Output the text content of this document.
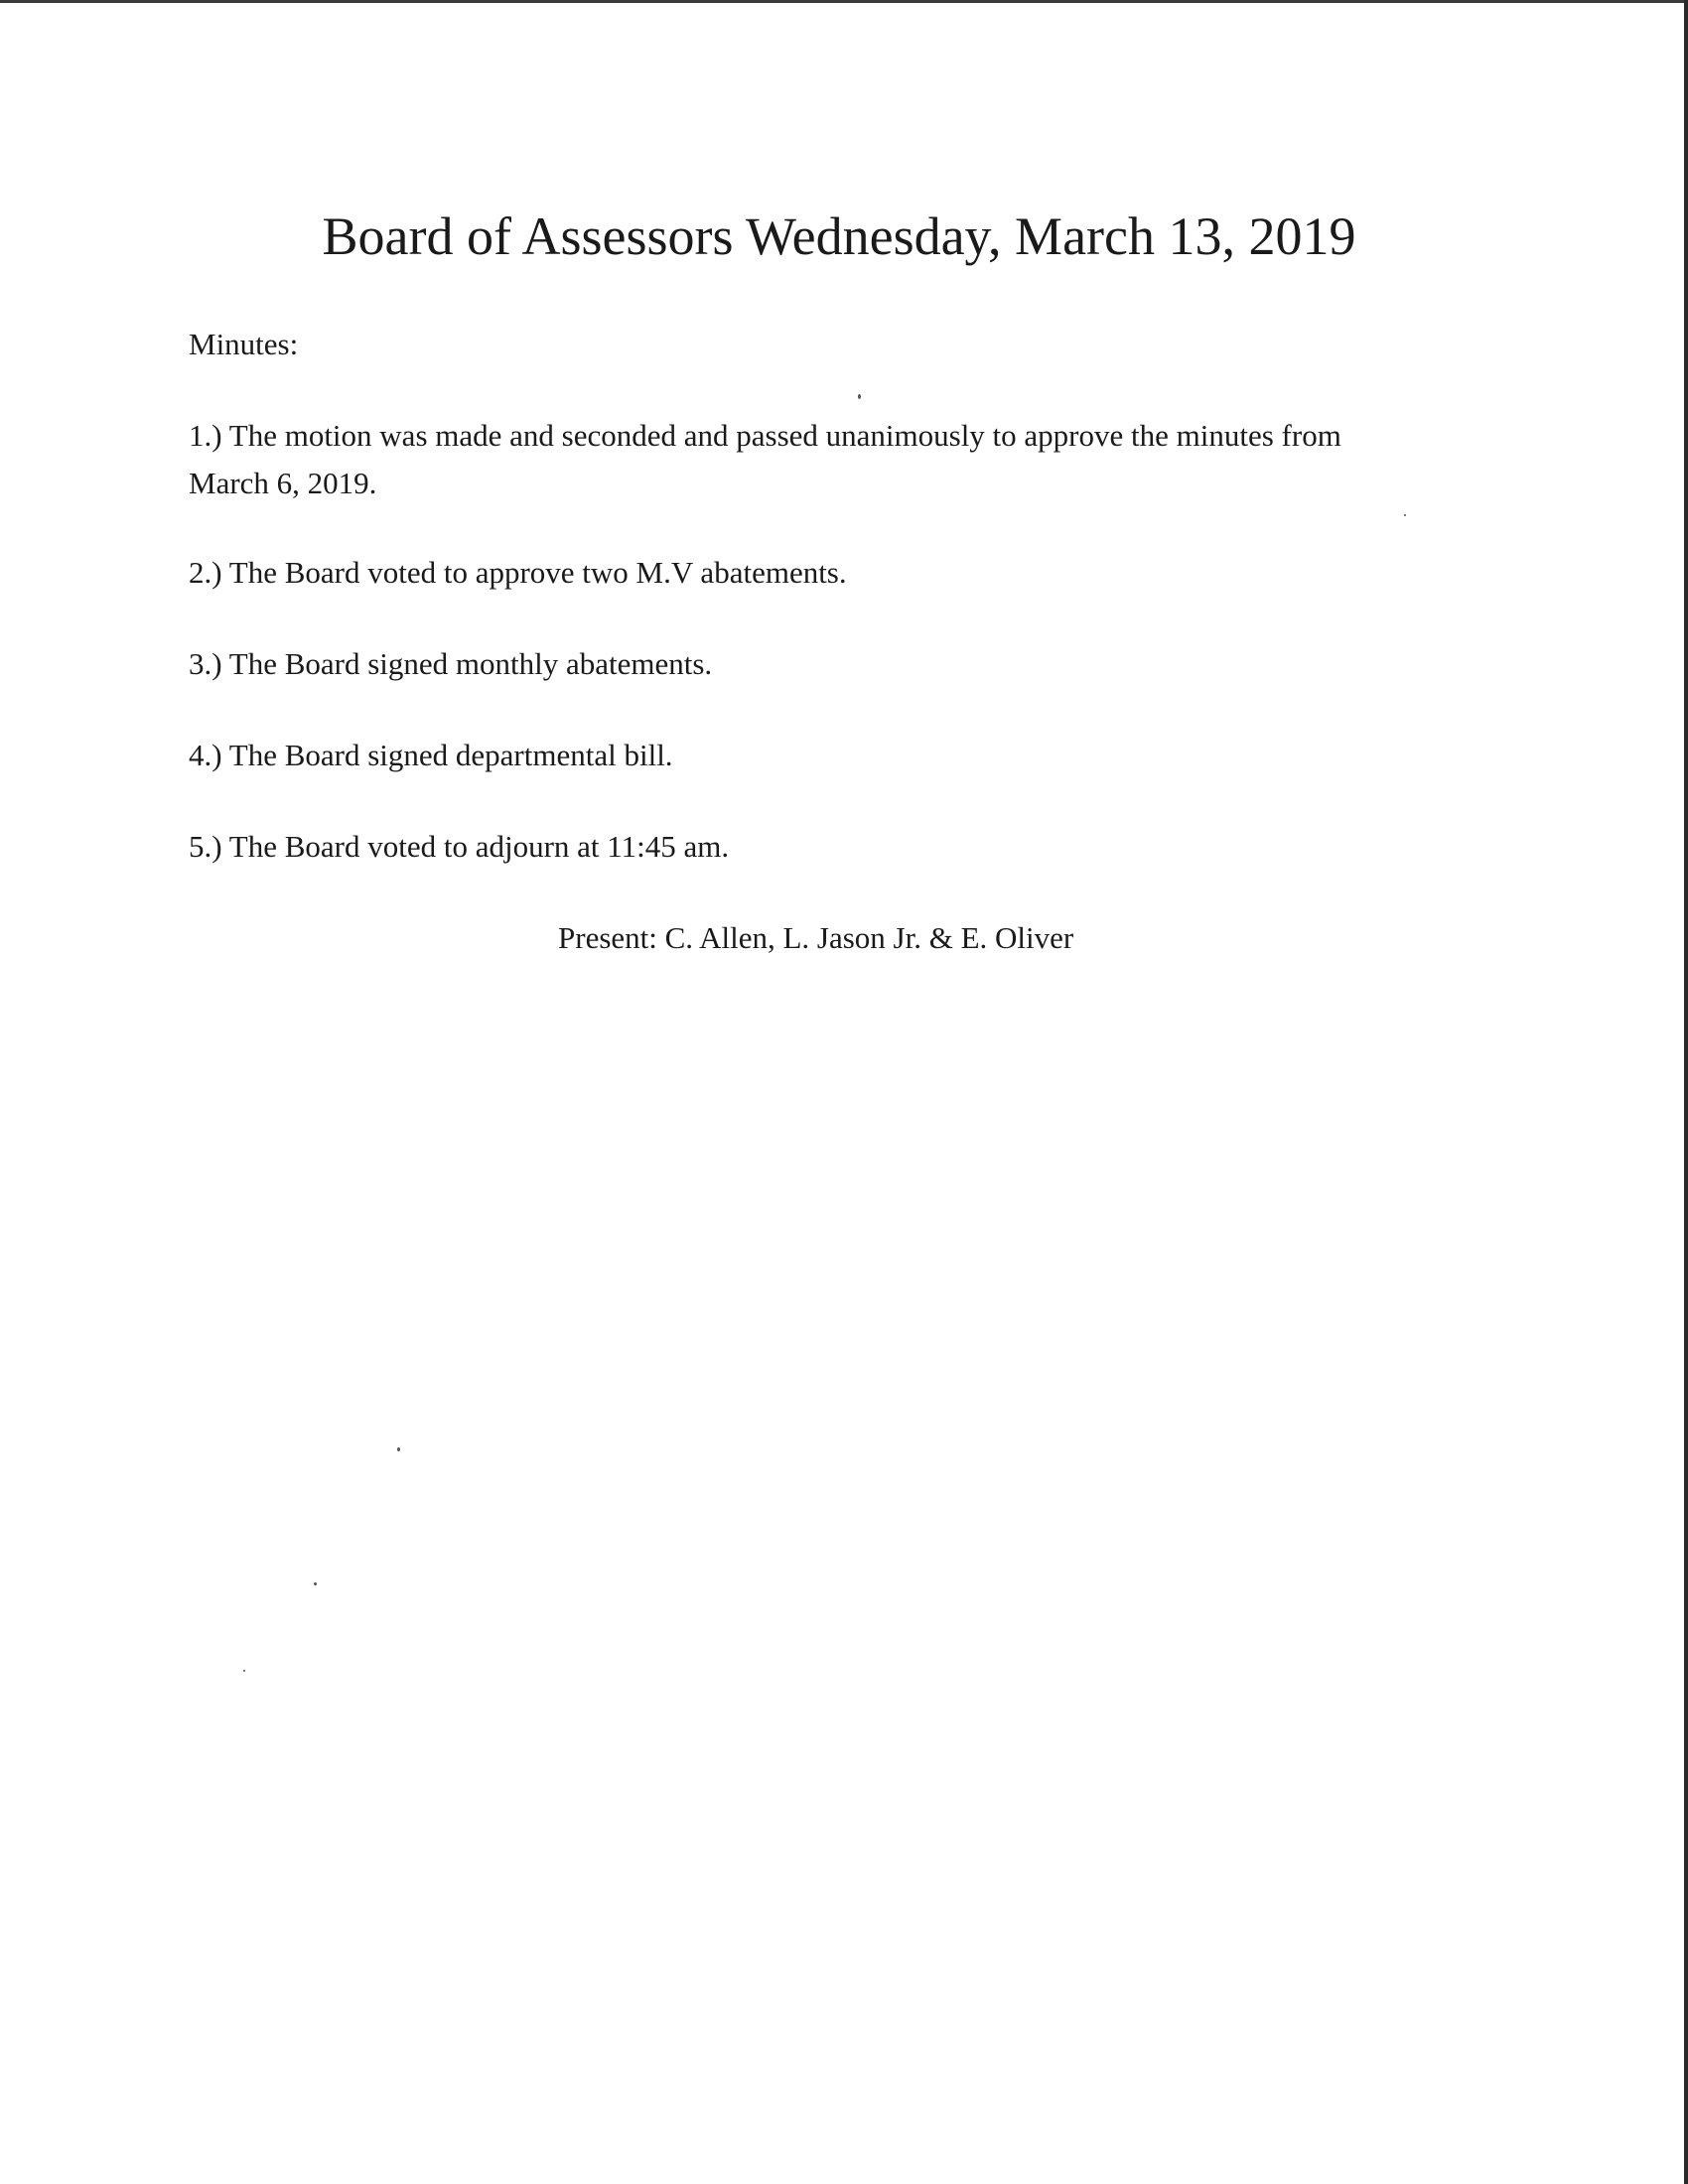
Board of Assessors Wednesday, March 13, 2019
Minutes:
1.) The motion was made and seconded and passed unanimously to approve the minutes from
March 6, 2019.
2.) The Board voted to approve two M.V abatements.
3.) The Board signed monthly abatements.
4.) The Board signed departmental bill.
5.) The Board voted to adjourn at 11:45 am.
Present: C. Allen, L. Jason Jr. & E. Oliver
